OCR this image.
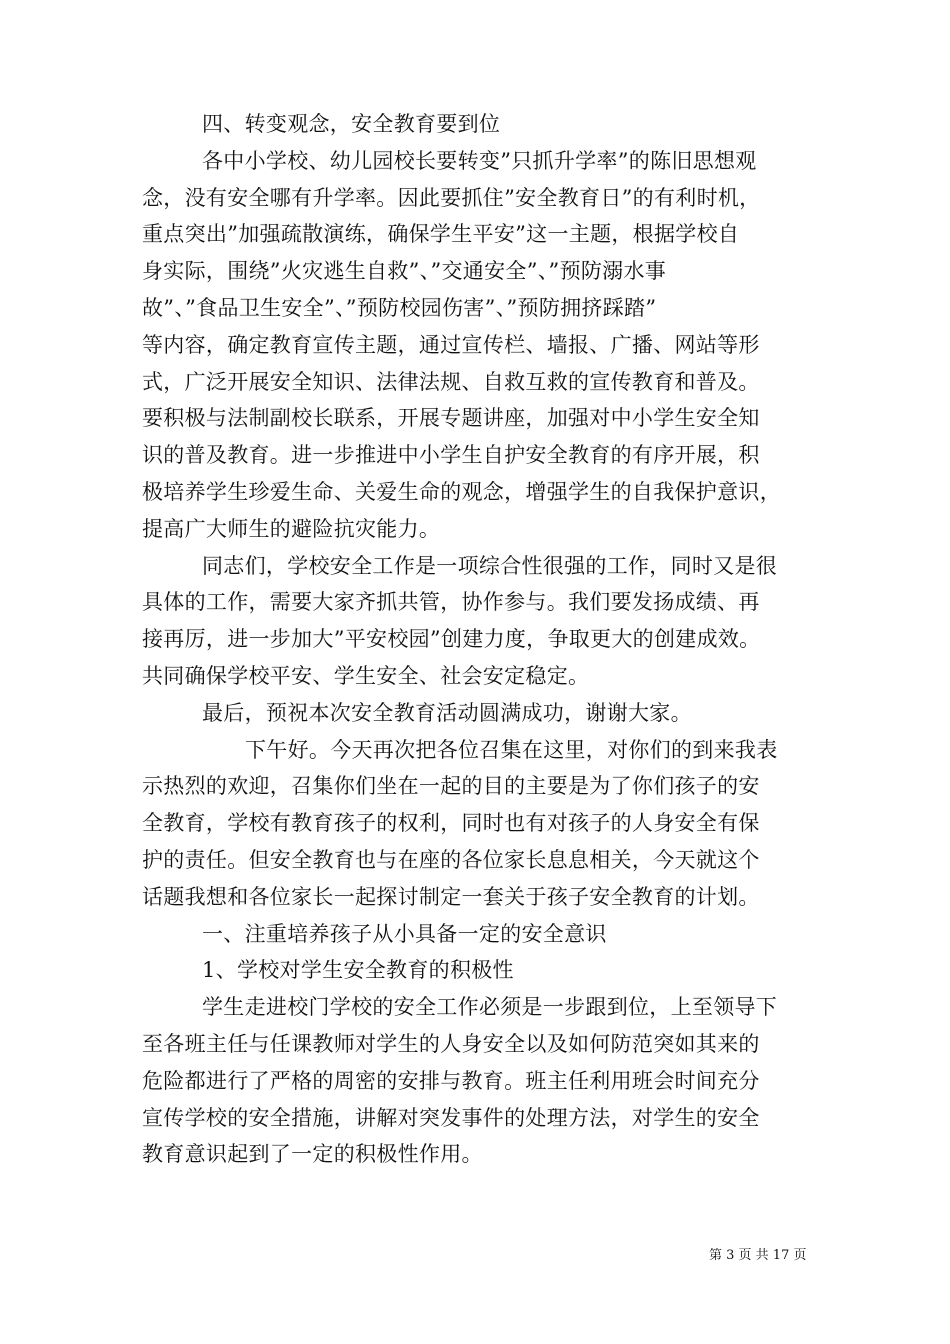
四、转变观念，安全教育要到位
各中小学校、幼儿园校长要转变”只抓升学率”的陈旧思想观
念，没有安全哪有升学率。因此要抓住”安全教育日”的有利时机，
重点突出”加强疏散演练，确保学生平安”这一主题，根据学校自
身实际，围绕”火灾逃生自救”、”交通安全”、”预防溺水事
故”、”食品卫生安全”、”预防校园伤害”、”预防拥挤踩踏”
等内容，确定教育宣传主题，通过宣传栏、墙报、广播、网站等形
式，广泛开展安全知识、法律法规、自救互救的宣传教育和普及。
要积极与法制副校长联系，开展专题讲座，加强对中小学生安全知
识的普及教育。进一步推进中小学生自护安全教育的有序开展，积
极培养学生珍爱生命、关爱生命的观念，增强学生的自我保护意识，
提高广大师生的避险抗灾能力。
同志们，学校安全工作是一项综合性很强的工作，同时又是很
具体的工作，需要大家齐抓共管，协作参与。我们要发扬成绩、再
接再厉，进一步加大”平安校园”创建力度，争取更大的创建成效。
共同确保学校平安、学生安全、社会安定稳定。
最后，预祝本次安全教育活动圆满成功，谢谢大家。
下午好。今天再次把各位召集在这里，对你们的到来我表
示热烈的欢迎，召集你们坐在一起的目的主要是为了你们孩子的安
全教育，学校有教育孩子的权利，同时也有对孩子的人身安全有保
护的责任。但安全教育也与在座的各位家长息息相关，今天就这个
话题我想和各位家长一起探讨制定一套关于孩子安全教育的计划。
一、注重培养孩子从小具备一定的安全意识
1、学校对学生安全教育的积极性
学生走进校门学校的安全工作必须是一步跟到位，上至领导下
至各班主任与任课教师对学生的人身安全以及如何防范突如其来的
危险都进行了严格的周密的安排与教育。班主任利用班会时间充分
宣传学校的安全措施，讲解对突发事件的处理方法，对学生的安全
教育意识起到了一定的积极性作用。
第 3 页 共 17 页
